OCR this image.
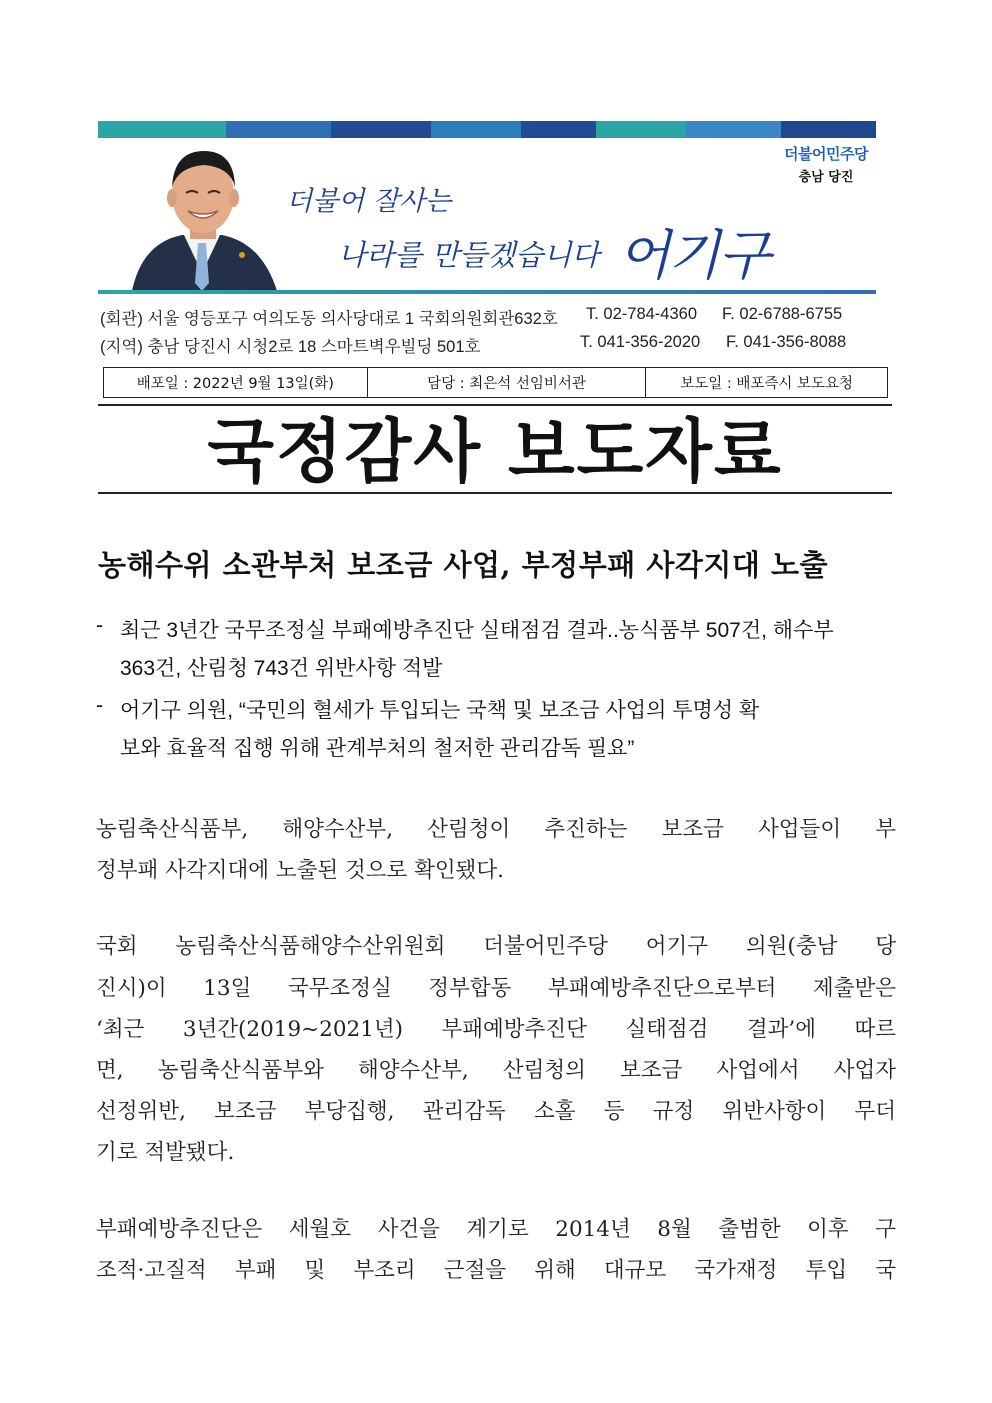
더불어 잘사는
나라를 만들겠습니다 어기구
더불어민주당
충남 당진
(회관) 서울 영등포구 여의도동 의사당대로 1 국회의원회관632호 T. 02-784-4360 F. 02-6788-6755
(지역) 충남 당진시 시청2로 18 스마트벽우빌딩 501호	T. 041-356-2020 F. 041-356-8088
배포일 : 2022년 9월 13일(화)	담당 : 최은석 선임비서관	보도일 : 배포즉시 보도요청
국정감사 보도자료
농해수위 소관부처 보조금 사업, 부정부패 사각지대 노출
- 최근 3년간 국무조정실 부패예방추진단 실태점검 결과..농식품부 507건, 해수부
363건, 산림청 743건 위반사항 적발
- 어기구 의원, “국민의 혈세가 투입되는 국책 및 보조금 사업의 투명성 확
보와 효율적 집행 위해 관계부처의 철저한 관리감독 필요”
농림축산식품부, 해양수산부, 산림청이 추진하는 보조금 사업들이 부
정부패 사각지대에 노출된 것으로 확인됐다.
국회 농림축산식품해양수산위원회 더불어민주당 어기구 의원(충남 당
진시)이 13일 국무조정실 정부합동 부패예방추진단으로부터 제출받은
‘최근 3년간(2019~2021년) 부패예방추진단 실태점검 결과’에 따르
면, 농림축산식품부와 해양수산부, 산림청의 보조금 사업에서 사업자
선정위반, 보조금 부당집행, 관리감독 소홀 등 규정 위반사항이 무더
기로 적발됐다.
부패예방추진단은 세월호 사건을 계기로 2014년 8월 출범한 이후 구
조적·고질적 부패 및 부조리 근절을 위해 대규모 국가재정 투입 국
